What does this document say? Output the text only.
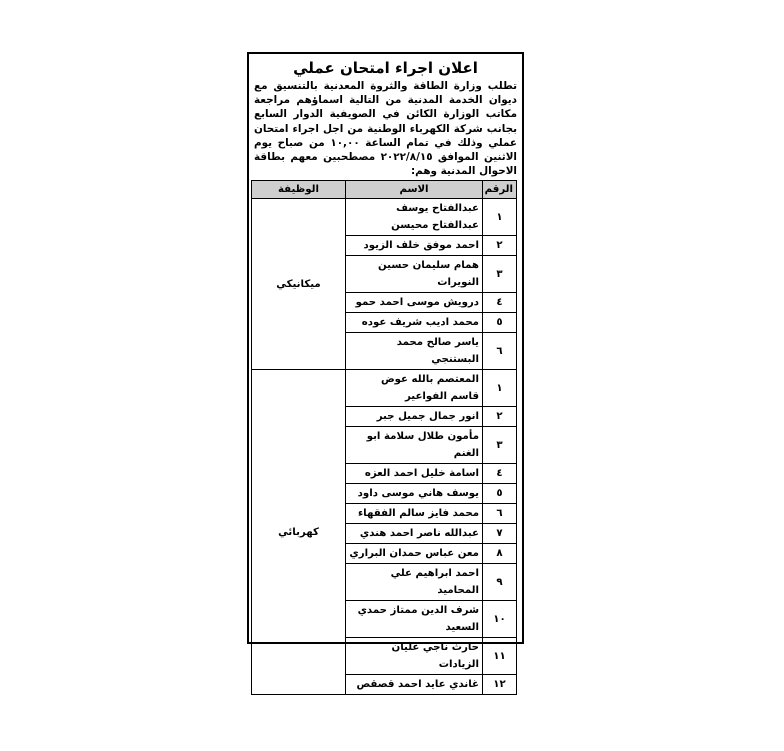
اعلان اجراء امتحان عملي

تطلب وزارة الطاقة والثروة المعدنية بالتنسيق مع ديوان الخدمة المدنية من التالية اسماؤهم مراجعة مكاتب الوزارة الكائن في الصويفية الدوار السابع بجانب شركة الكهرباء الوطنية من اجل اجراء امتحان عملي وذلك في تمام الساعة ١٠,٠٠ من صباح يوم الاثنين الموافق ٢٠٢٢/٨/١٥ مصطحبين معهم بطاقة الاحوال المدنية وهم:

الرقم	الاسم	الوظيفة
١	عبدالفتاح يوسف عبدالفتاح محيسن	ميكانيكي
٢	احمد موفق خلف الزيود	
٣	همام سليمان حسين النويرات	
٤	درويش موسى احمد حمو	
٥	محمد اديب شريف عوده	
٦	ياسر صالح محمد البستنجي	
١	المعتصم بالله عوض قاسم الفواعير	كهربائي
٢	انور جمال جميل جبر	
٣	مأمون طلال سلامة ابو الغنم	
٤	اسامة خليل احمد العزه	
٥	يوسف هاني موسى داود	
٦	محمد فايز سالم الفقهاء	
٧	عبدالله ناصر احمد هندي	
٨	معن عباس حمدان البراري	
٩	احمد ابراهيم علي المحاميد	
١٠	شرف الدين ممتاز حمدي السعيد	
١١	حارث ناجي عليان الزيادات	
١٢	غاندي عايد احمد قصقص	
